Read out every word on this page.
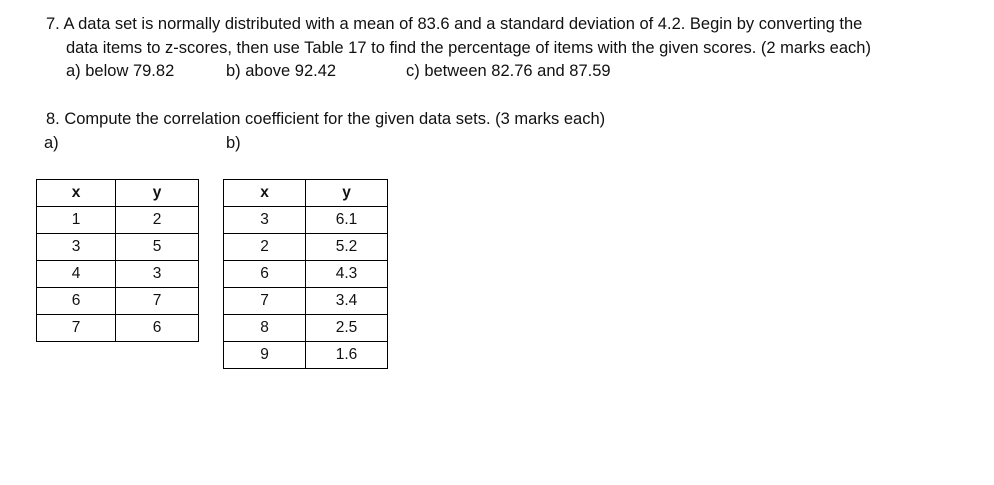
7. A data set is normally distributed with a mean of 83.6 and a standard deviation of 4.2. Begin by converting the
data items to z-scores, then use Table 17 to find the percentage of items with the given scores. (2 marks each)
a) below 79.82	b) above 92.42	c) between 82.76 and 87.59
8. Compute the correlation coefficient for the given data sets. (3 marks each)
a)	b)
x	y
1	2
3	5
4	3
6	7
7	6
x	y
3	6.1
2	5.2
6	4.3
7	3.4
8	2.5
9	1.6
